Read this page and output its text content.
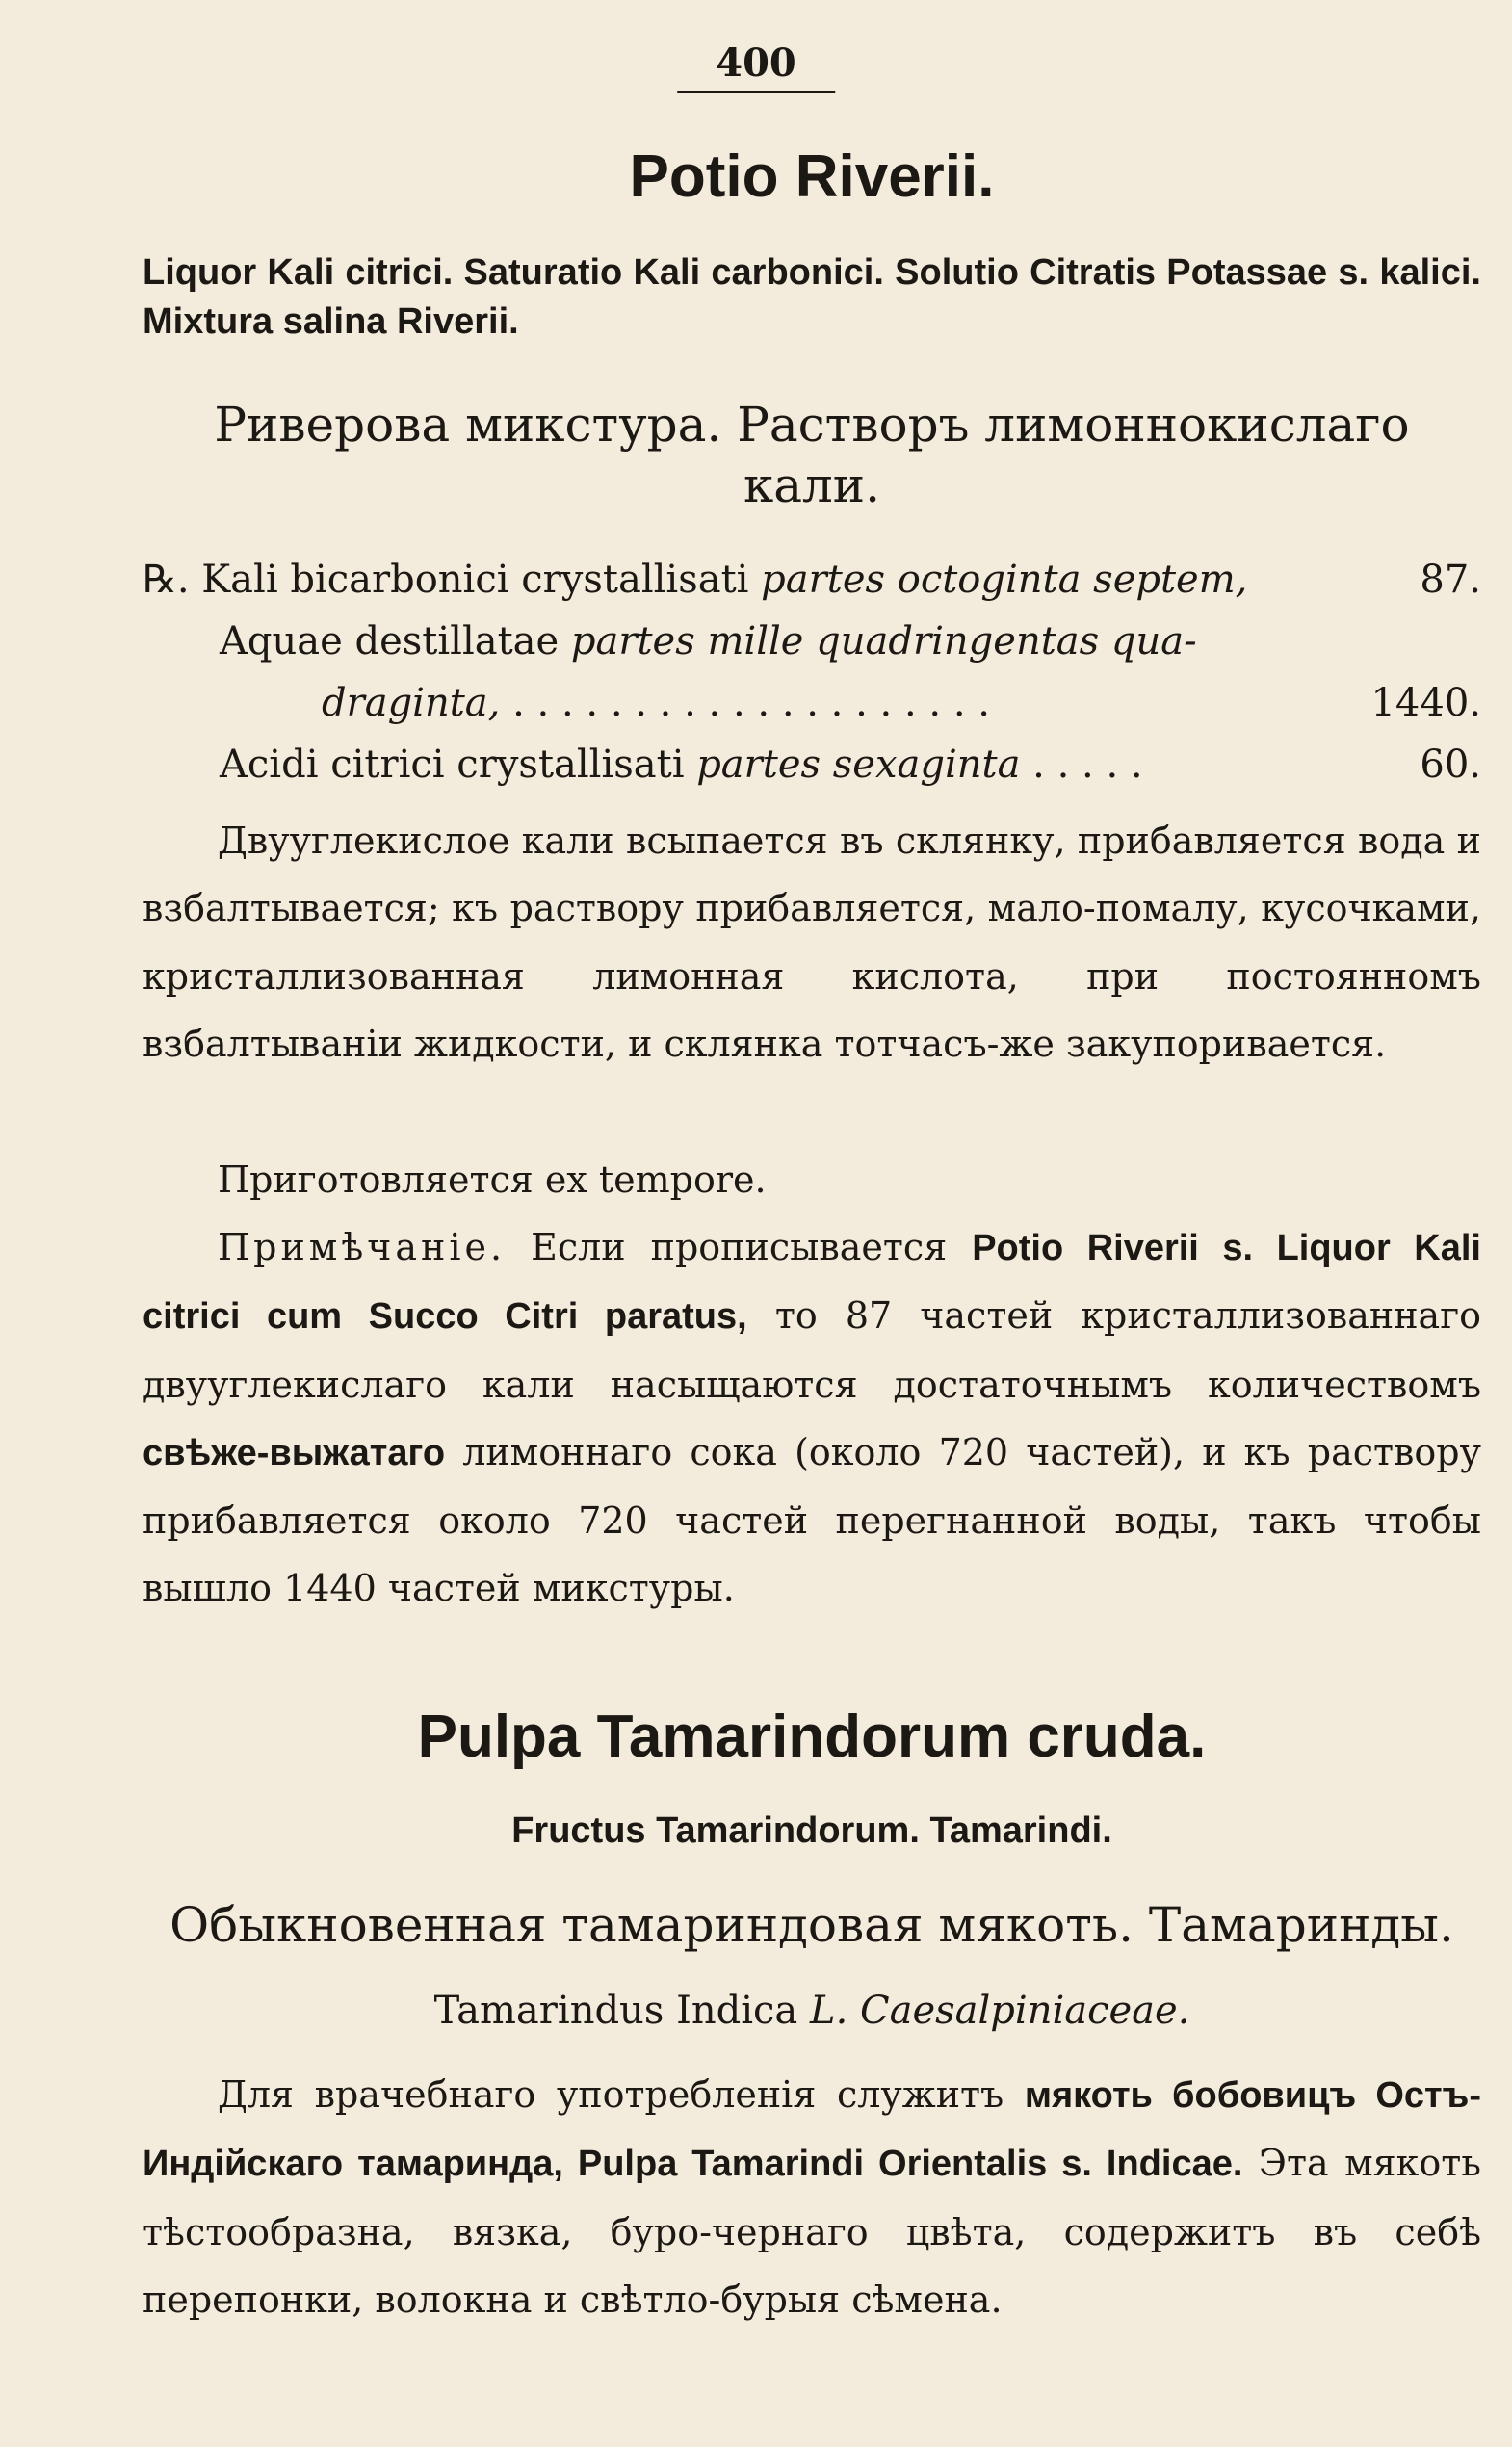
400
Potio Riverii.
Liquor Kali citrici. Saturatio Kali carbonici. Solutio Citratis Potassae s. kalici. Mixtura salina Riverii.
Риверова микстура. Растворъ лимоннокислаго кали.
℞. Kali bicarbonici crystallisati partes octoginta septem,	87.
Aquae destillatae partes mille quadringentas qua-
draginta, . . . . . . . . . . . . . . . . . . . .	1440.
Acidi citrici crystallisati partes sexaginta . . . . .	60.
Двууглекислое кали всыпается въ склянку, прибавляется вода и взбалтывается; къ раствору прибавляется, мало-помалу, кусочками, кристаллизованная лимонная кислота, при постоянномъ взбалтываніи жидкости, и склянка тотчасъ-же закупоривается.
Приготовляется ex tempore.
Примѣчаніе. Если прописывается Potio Riverii s. Liquor Kali citrici cum Succo Citri paratus, то 87 частей кристаллизованнаго двууглекислаго кали насыщаются достаточнымъ количествомъ свѣже-выжатаго лимоннаго сока (около 720 частей), и къ раствору прибавляется около 720 частей перегнанной воды, такъ чтобы вышло 1440 частей микстуры.
Pulpa Tamarindorum cruda.
Fructus Tamarindorum. Tamarindi.
Обыкновенная тамариндовая мякоть. Тамаринды.
Tamarindus Indica L. Caesalpiniaceae.
Для врачебнаго употребленія служитъ мякоть бобовицъ Остъ-Индійскаго тамаринда, Pulpa Tamarindi Orientalis s. Indicae. Эта мякоть тѣстообразна, вязка, буро-чернаго цвѣта, содержитъ въ себѣ перепонки, волокна и свѣтло-бурыя сѣмена.
